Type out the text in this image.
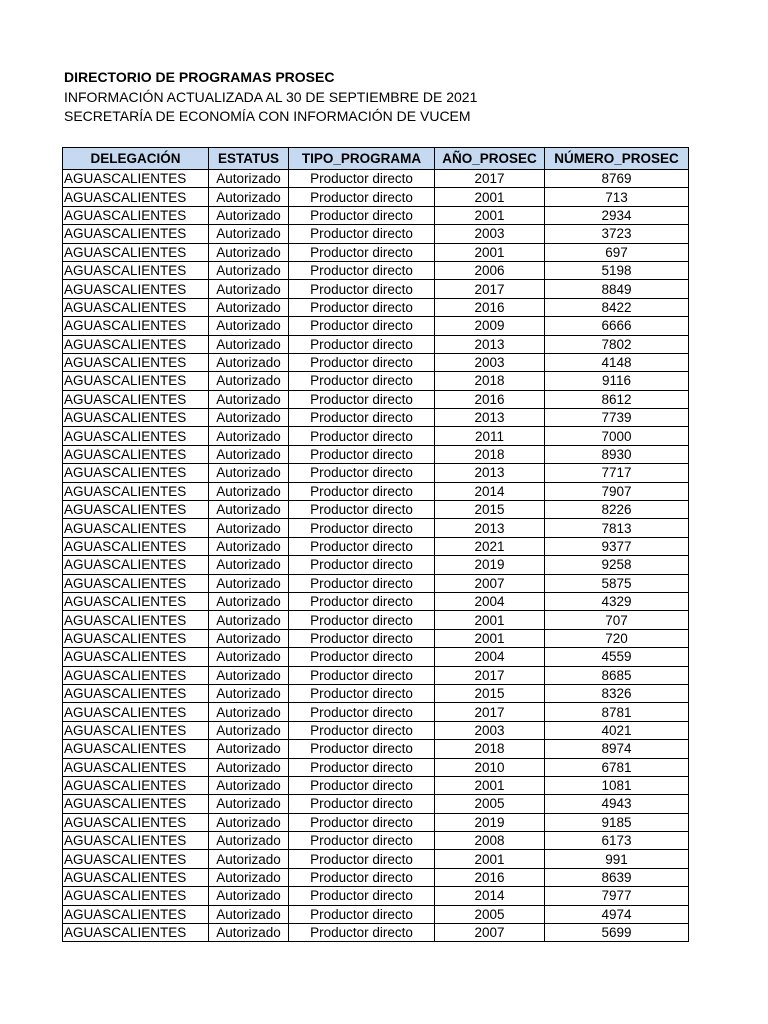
DIRECTORIO DE PROGRAMAS PROSEC
INFORMACIÓN ACTUALIZADA AL 30 DE SEPTIEMBRE DE 2021
SECRETARÍA DE ECONOMÍA CON INFORMACIÓN DE VUCEM
DELEGACIÓN	ESTATUS	TIPO_PROGRAMA	AÑO_PROSEC	NÚMERO_PROSEC
AGUASCALIENTES	Autorizado	Productor directo	2017	8769
AGUASCALIENTES	Autorizado	Productor directo	2001	713
AGUASCALIENTES	Autorizado	Productor directo	2001	2934
AGUASCALIENTES	Autorizado	Productor directo	2003	3723
AGUASCALIENTES	Autorizado	Productor directo	2001	697
AGUASCALIENTES	Autorizado	Productor directo	2006	5198
AGUASCALIENTES	Autorizado	Productor directo	2017	8849
AGUASCALIENTES	Autorizado	Productor directo	2016	8422
AGUASCALIENTES	Autorizado	Productor directo	2009	6666
AGUASCALIENTES	Autorizado	Productor directo	2013	7802
AGUASCALIENTES	Autorizado	Productor directo	2003	4148
AGUASCALIENTES	Autorizado	Productor directo	2018	9116
AGUASCALIENTES	Autorizado	Productor directo	2016	8612
AGUASCALIENTES	Autorizado	Productor directo	2013	7739
AGUASCALIENTES	Autorizado	Productor directo	2011	7000
AGUASCALIENTES	Autorizado	Productor directo	2018	8930
AGUASCALIENTES	Autorizado	Productor directo	2013	7717
AGUASCALIENTES	Autorizado	Productor directo	2014	7907
AGUASCALIENTES	Autorizado	Productor directo	2015	8226
AGUASCALIENTES	Autorizado	Productor directo	2013	7813
AGUASCALIENTES	Autorizado	Productor directo	2021	9377
AGUASCALIENTES	Autorizado	Productor directo	2019	9258
AGUASCALIENTES	Autorizado	Productor directo	2007	5875
AGUASCALIENTES	Autorizado	Productor directo	2004	4329
AGUASCALIENTES	Autorizado	Productor directo	2001	707
AGUASCALIENTES	Autorizado	Productor directo	2001	720
AGUASCALIENTES	Autorizado	Productor directo	2004	4559
AGUASCALIENTES	Autorizado	Productor directo	2017	8685
AGUASCALIENTES	Autorizado	Productor directo	2015	8326
AGUASCALIENTES	Autorizado	Productor directo	2017	8781
AGUASCALIENTES	Autorizado	Productor directo	2003	4021
AGUASCALIENTES	Autorizado	Productor directo	2018	8974
AGUASCALIENTES	Autorizado	Productor directo	2010	6781
AGUASCALIENTES	Autorizado	Productor directo	2001	1081
AGUASCALIENTES	Autorizado	Productor directo	2005	4943
AGUASCALIENTES	Autorizado	Productor directo	2019	9185
AGUASCALIENTES	Autorizado	Productor directo	2008	6173
AGUASCALIENTES	Autorizado	Productor directo	2001	991
AGUASCALIENTES	Autorizado	Productor directo	2016	8639
AGUASCALIENTES	Autorizado	Productor directo	2014	7977
AGUASCALIENTES	Autorizado	Productor directo	2005	4974
AGUASCALIENTES	Autorizado	Productor directo	2007	5699
